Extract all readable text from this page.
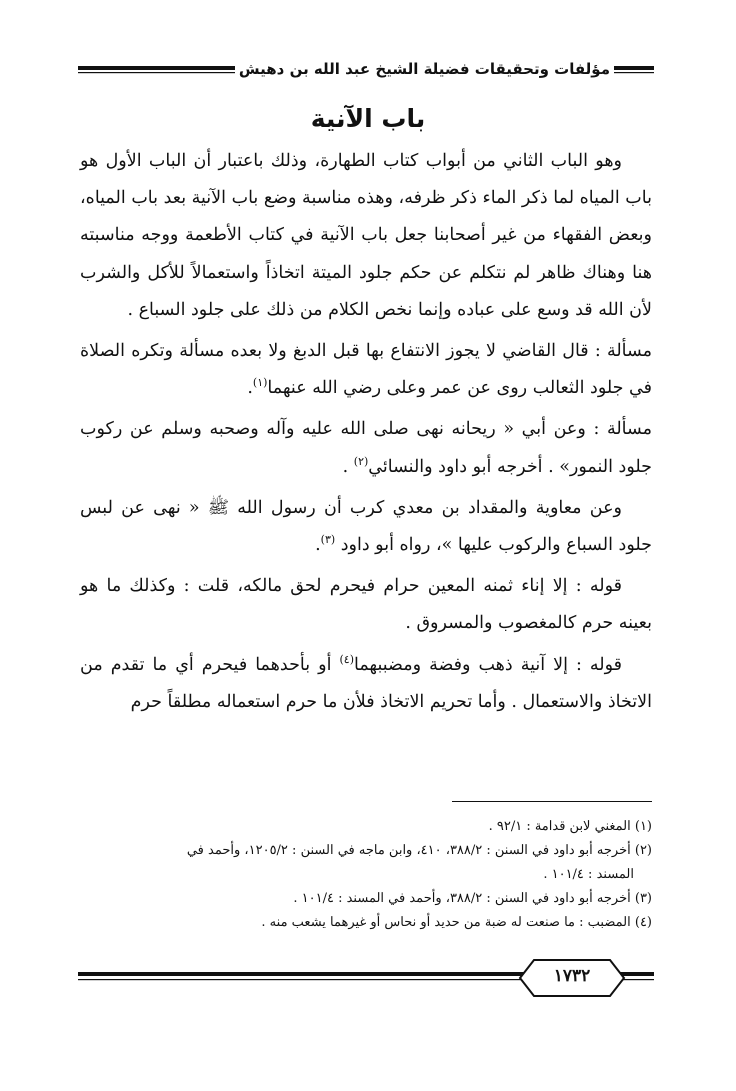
مؤلفات وتحقيقات فضيلة الشيخ عبد الله بن دهيش
باب الآنية

وهو الباب الثاني من أبواب كتاب الطهارة، وذلك باعتبار أن الباب الأول هو باب المياه لما ذكر الماء ذكر ظرفه، وهذه مناسبة وضع باب الآنية بعد باب المياه، وبعض الفقهاء من غير أصحابنا جعل باب الآنية في كتاب الأطعمة ووجه مناسبته هنا وهناك ظاهر لم نتكلم عن حكم جلود الميتة اتخاذاً واستعمالاً للأكل والشرب لأن الله قد وسع على عباده وإنما نخص الكلام من ذلك على جلود السباع .

مسألة : قال القاضي لا يجوز الانتفاع بها قبل الدبغ ولا بعده مسألة وتكره الصلاة في جلود الثعالب روى عن عمر وعلى رضي الله عنهما$^{(١)}$.

مسألة : وعن أبي « ريحانه نهى صلى الله عليه وآله وصحبه وسلم عن ركوب جلود النمور» . أخرجه أبو داود والنسائي$^{(٢)}$ .

وعن معاوية والمقداد بن معدي كرب أن رسول الله ﷺ « نهى عن لبس جلود السباع والركوب عليها »، رواه أبو داود $^{(٣)}$.

قوله : إلا إناء ثمنه المعين حرام فيحرم لحق مالكه، قلت : وكذلك ما هو بعينه حرم كالمغصوب والمسروق .

قوله : إلا آنية ذهب وفضة ومضببهما$^{(٤)}$ أو بأحدهما فيحرم أي ما تقدم من الاتخاذ والاستعمال . وأما تحريم الاتخاذ فلأن ما حرم استعماله مطلقاً حرم

(١) المغني لابن قدامة : ٩٢/١ .

(٢) أخرجه أبو داود في السنن : ٣٨٨/٢، ٤١٠، وابن ماجه في السنن : ١٢٠٥/٢، وأحمد في
المسند : ١٠١/٤ .

(٣) أخرجه أبو داود في السنن : ٣٨٨/٢، وأحمد في المسند : ١٠١/٤ .

(٤) المضبب : ما صنعت له ضبة من حديد أو نحاس أو غيرهما يشعب منه .

١٧٣٢
